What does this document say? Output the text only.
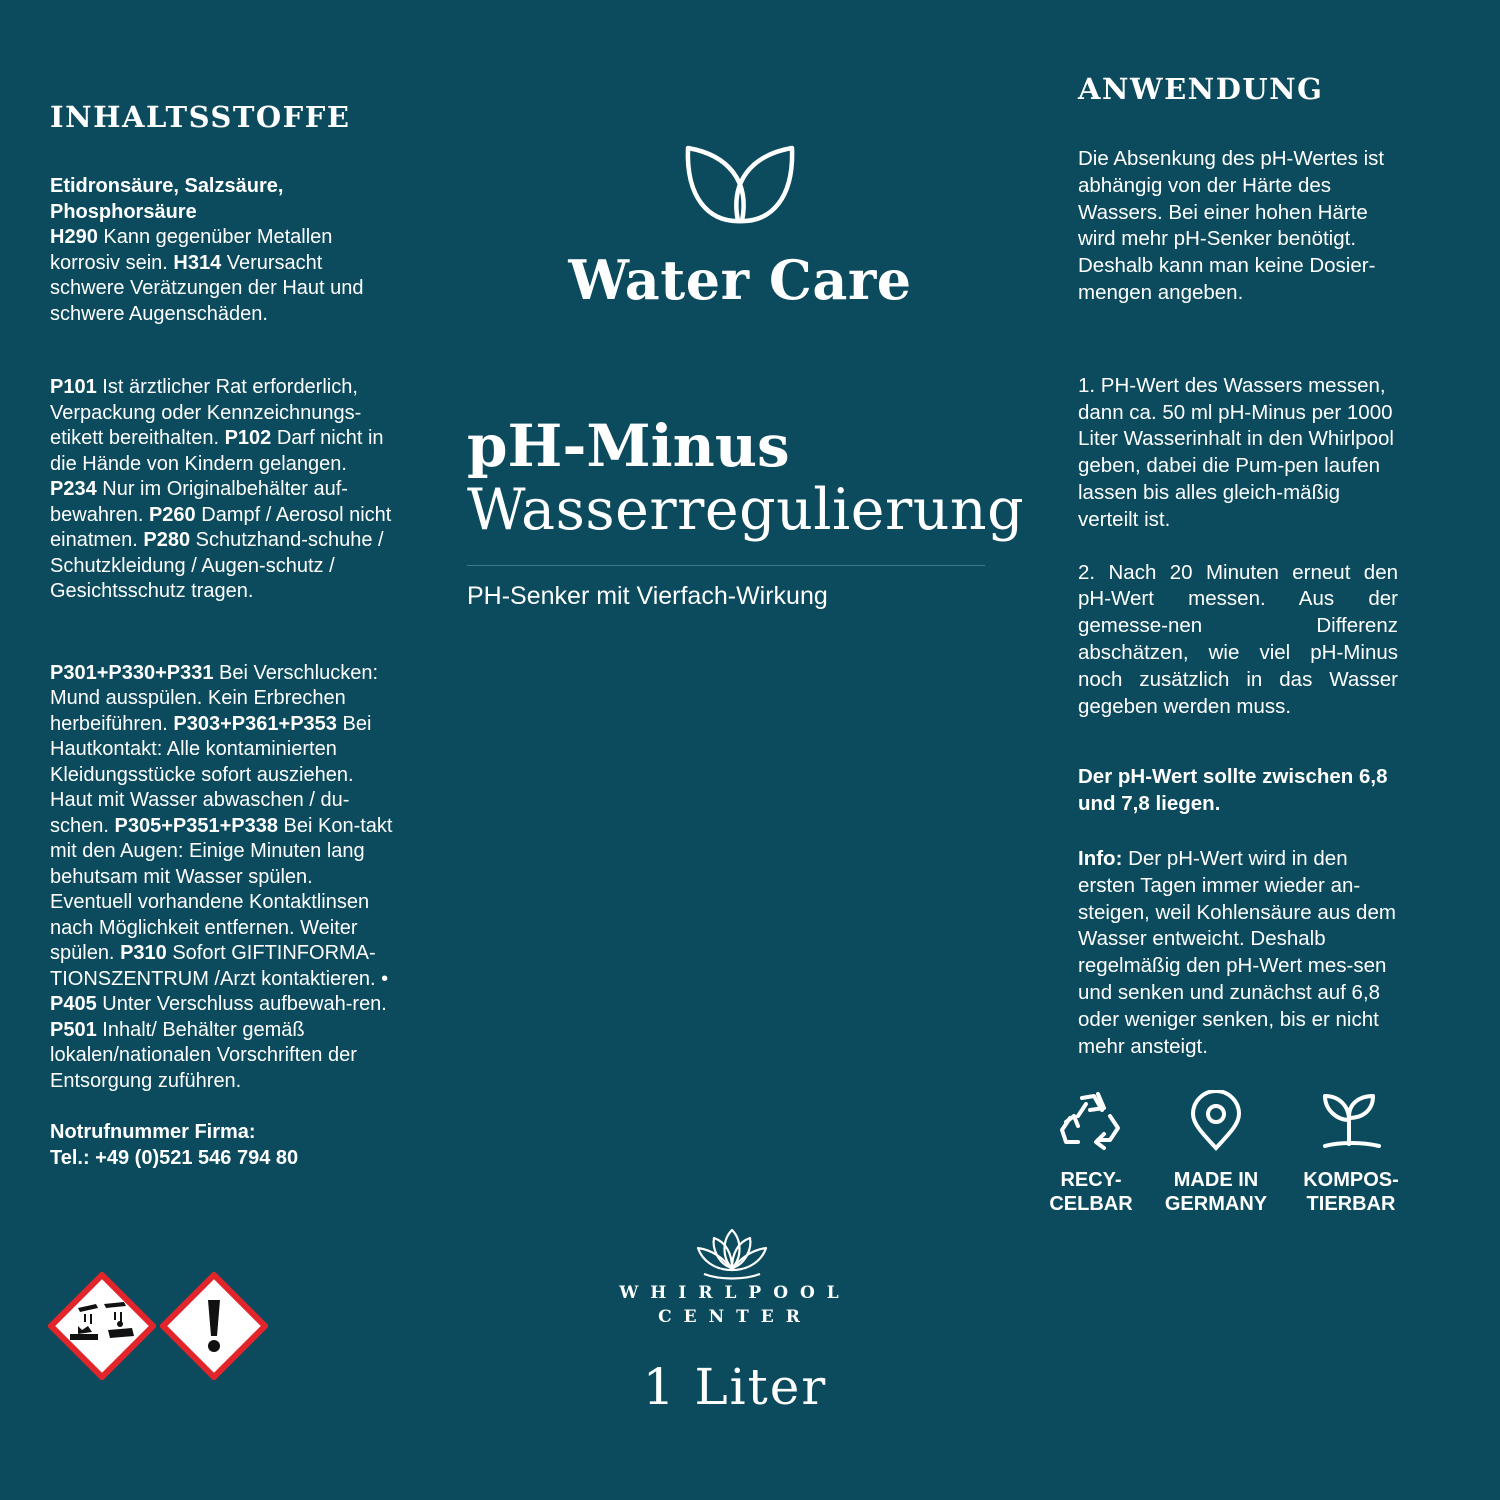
INHALTSSTOFFE
Etidronsäure, Salzsäure, Phosphorsäure
H290 Kann gegenüber Metallen korrosiv sein. H314 Verursacht schwere Verätzungen der Haut und schwere Augenschäden.
P101 Ist ärztlicher Rat erforderlich, Verpackung oder Kennzeichnungs-etikett bereithalten. P102 Darf nicht in die Hände von Kindern gelangen. P234 Nur im Originalbehälter auf-bewahren. P260 Dampf / Aerosol nicht einatmen. P280 Schutzhand-schuhe / Schutzkleidung / Augen-schutz / Gesichtsschutz tragen.
P301+P330+P331 Bei Verschlucken: Mund ausspülen. Kein Erbrechen herbeiführen. P303+P361+P353 Bei Hautkontakt: Alle kontaminierten Kleidungsstücke sofort ausziehen. Haut mit Wasser abwaschen / du-schen. P305+P351+P338 Bei Kon-takt mit den Augen: Einige Minuten lang behutsam mit Wasser spülen. Eventuell vorhandene Kontaktlinsen nach Möglichkeit entfernen. Weiter spülen. P310 Sofort GIFTINFORMA-TIONSZENTRUM /Arzt kontaktieren. • P405 Unter Verschluss aufbewah-ren. P501 Inhalt/ Behälter gemäß lokalen/nationalen Vorschriften der Entsorgung zuführen.
Notrufnummer Firma:
Tel.: +49 (0)521 546 794 80
Water Care
pH-Minus
Wasserregulierung
PH-Senker mit Vierfach-Wirkung
WHIRLPOOL
CENTER
1 Liter
ANWENDUNG
Die Absenkung des pH-Wertes ist abhängig von der Härte des Wassers. Bei einer hohen Härte wird mehr pH-Senker benötigt. Deshalb kann man keine Dosier-mengen angeben.
1. PH-Wert des Wassers messen, dann ca. 50 ml pH-Minus per 1000 Liter Wasserinhalt in den Whirlpool geben, dabei die Pum-pen laufen lassen bis alles gleich-mäßig verteilt ist.
2. Nach 20 Minuten erneut den pH-Wert messen. Aus der gemesse-nen Differenz abschätzen, wie viel pH-Minus noch zusätzlich in das Wasser gegeben werden muss.
Der pH-Wert sollte zwischen 6,8 und 7,8 liegen.
Info: Der pH-Wert wird in den ersten Tagen immer wieder an-steigen, weil Kohlensäure aus dem Wasser entweicht. Deshalb regelmäßig den pH-Wert mes-sen und senken und zunächst auf 6,8 oder weniger senken, bis er nicht mehr ansteigt.
RECY-
CELBAR
MADE IN
GERMANY
KOMPOS-
TIERBAR
